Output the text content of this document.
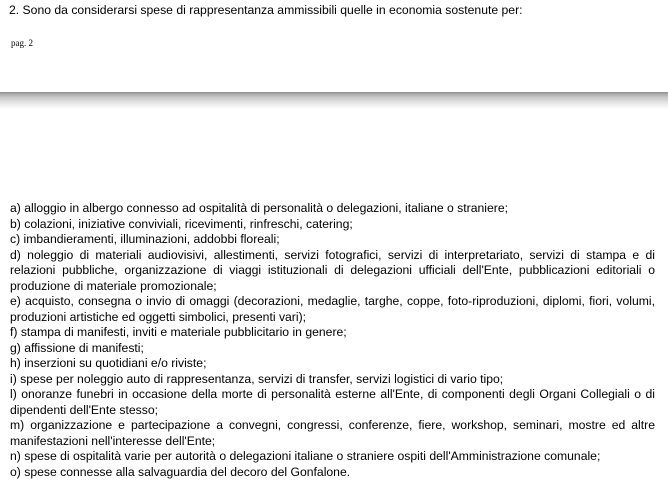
2. Sono da considerarsi spese di rappresentanza ammissibili quelle in economia sostenute per:
pag. 2
a) alloggio in albergo connesso ad ospitalità di personalità o delegazioni, italiane o straniere;
b) colazioni, iniziative conviviali, ricevimenti, rinfreschi, catering;
c) imbandieramenti, illuminazioni, addobbi floreali;
d) noleggio di materiali audiovisivi, allestimenti, servizi fotografici, servizi di interpretariato, servizi di stampa e di relazioni pubbliche, organizzazione di viaggi istituzionali di delegazioni ufficiali dell'Ente, pubblicazioni editoriali o produzione di materiale promozionale;
e) acquisto, consegna o invio di omaggi (decorazioni, medaglie, targhe, coppe, foto-riproduzioni, diplomi, fiori, volumi, produzioni artistiche ed oggetti simbolici, presenti vari);
f) stampa di manifesti, inviti e materiale pubblicitario in genere;
g) affissione di manifesti;
h) inserzioni su quotidiani e/o riviste;
i) spese per noleggio auto di rappresentanza, servizi di transfer, servizi logistici di vario tipo;
l) onoranze funebri in occasione della morte di personalità esterne all'Ente, di componenti degli Organi Collegiali o di dipendenti dell'Ente stesso;
m) organizzazione e partecipazione a convegni, congressi, conferenze, fiere, workshop, seminari, mostre ed altre manifestazioni nell'interesse dell'Ente;
n) spese di ospitalità varie per autorità o delegazioni italiane o straniere ospiti dell'Amministrazione comunale;
o) spese connesse alla salvaguardia del decoro del Gonfalone.
